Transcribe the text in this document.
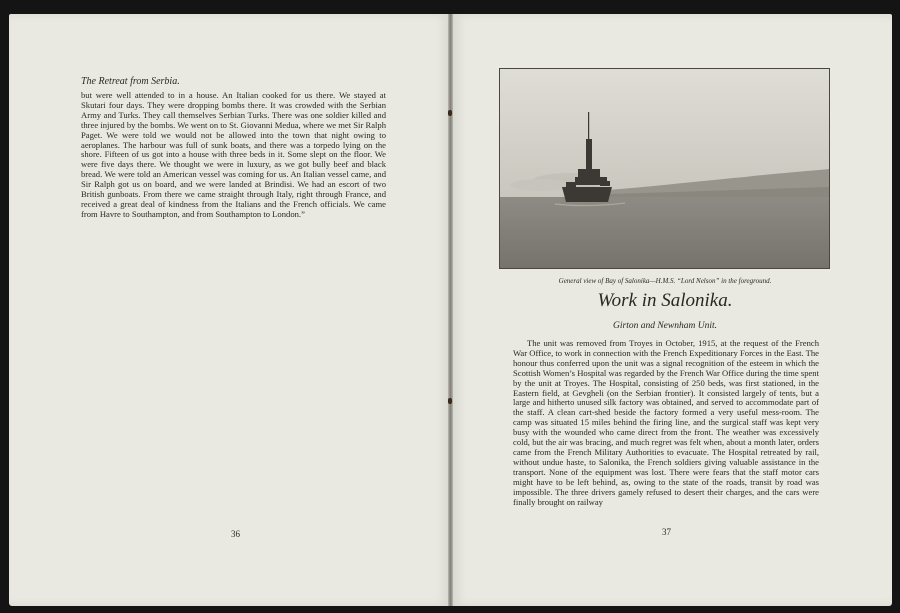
The Retreat from Serbia.

but were well attended to in a house. An Italian cooked for us there. We stayed at Skutari four days. They were dropping bombs there. It was crowded with the Serbian Army and Turks. They call themselves Serbian Turks. There was one soldier killed and three injured by the bombs. We went on to St. Giovanni Medua, where we met Sir Ralph Paget. We were told we would not be allowed into the town that night owing to aeroplanes. The harbour was full of sunk boats, and there was a torpedo lying on the shore. Fifteen of us got into a house with three beds in it. Some slept on the floor. We were five days there. We thought we were in luxury, as we got bully beef and black bread. We were told an American vessel was coming for us. An Italian vessel came, and Sir Ralph got us on board, and we were landed at Brindisi. We had an escort of two British gunboats. From there we came straight through Italy, right through France, and received a great deal of kindness from the Italians and the French officials. We came from Havre to Southampton, and from Southampton to London.”

36
General view of Bay of Salonika—H.M.S. “Lord Nelson” in the foreground.
Work in Salonika.
Girton and Newnham Unit.

The unit was removed from Troyes in October, 1915, at the request of the French War Office, to work in connection with the French Expeditionary Forces in the East. The honour thus conferred upon the unit was a signal recognition of the esteem in which the Scottish Women’s Hospital was regarded by the French War Office during the time spent by the unit at Troyes. The Hospital, consisting of 250 beds, was first stationed, in the Eastern field, at Gevgheli (on the Serbian frontier). It consisted largely of tents, but a large and hitherto unused silk factory was obtained, and served to accommodate part of the staff. A clean cart-shed beside the factory formed a very useful mess-room. The camp was situated 15 miles behind the firing line, and the surgical staff was kept very busy with the wounded who came direct from the front. The weather was excessively cold, but the air was bracing, and much regret was felt when, about a month later, orders came from the French Military Authorities to evacuate. The Hospital retreated by rail, without undue haste, to Salonika, the French soldiers giving valuable assistance in the transport. None of the equipment was lost. There were fears that the staff motor cars might have to be left behind, as, owing to the state of the roads, transit by road was impossible. The three drivers gamely refused to desert their charges, and the cars were finally brought on railway

37
